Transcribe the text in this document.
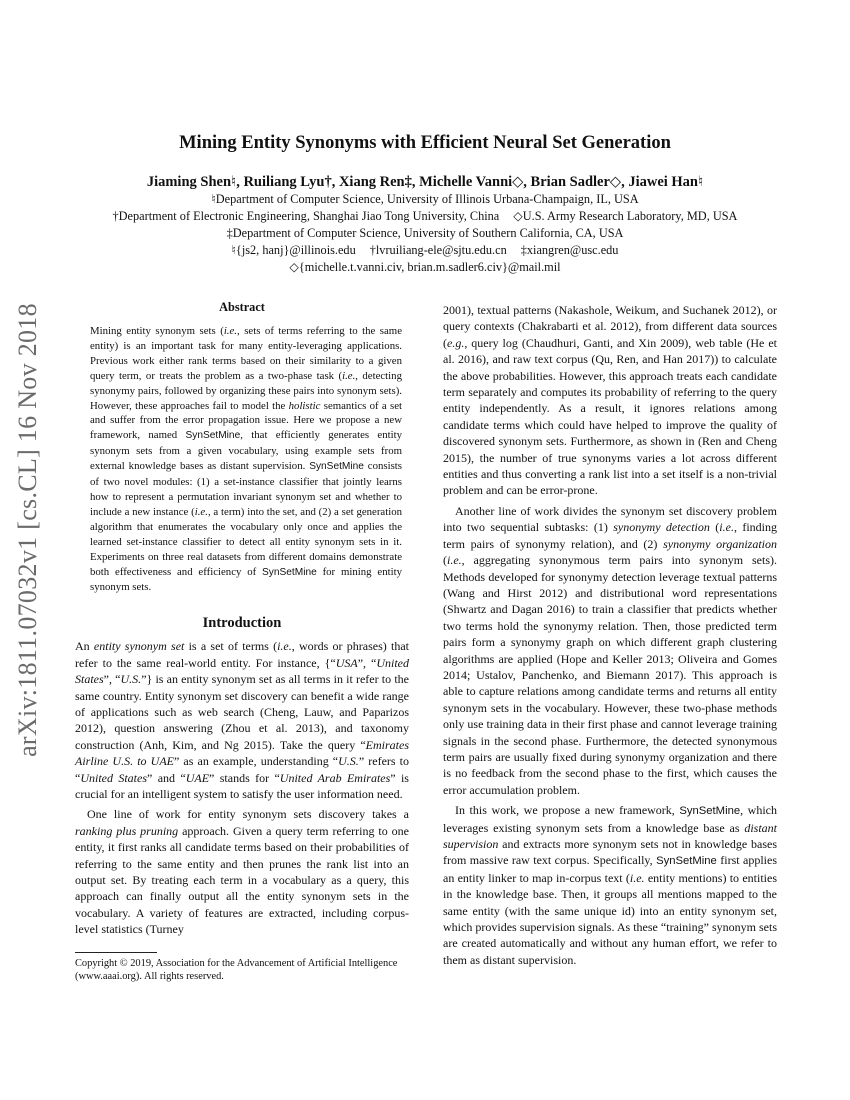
arXiv:1811.07032v1 [cs.CL] 16 Nov 2018
Mining Entity Synonyms with Efficient Neural Set Generation
Jiaming Shen♮, Ruiliang Lyu†, Xiang Ren‡, Michelle Vanni◇, Brian Sadler◇, Jiawei Han♮
♮Department of Computer Science, University of Illinois Urbana-Champaign, IL, USA
†Department of Electronic Engineering, Shanghai Jiao Tong University, China ◇U.S. Army Research Laboratory, MD, USA
‡Department of Computer Science, University of Southern California, CA, USA
♮{js2, hanj}@illinois.edu †lvruiliang-ele@sjtu.edu.cn ‡xiangren@usc.edu
◇{michelle.t.vanni.civ, brian.m.sadler6.civ}@mail.mil
Abstract

Mining entity synonym sets (i.e., sets of terms referring to the same entity) is an important task for many entity-leveraging applications. Previous work either rank terms based on their similarity to a given query term, or treats the problem as a two-phase task (i.e., detecting synonymy pairs, followed by organizing these pairs into synonym sets). However, these approaches fail to model the holistic semantics of a set and suffer from the error propagation issue. Here we propose a new framework, named SynSetMine, that efficiently generates entity synonym sets from a given vocabulary, using example sets from external knowledge bases as distant supervision. SynSetMine consists of two novel modules: (1) a set-instance classifier that jointly learns how to represent a permutation invariant synonym set and whether to include a new instance (i.e., a term) into the set, and (2) a set generation algorithm that enumerates the vocabulary only once and applies the learned set-instance classifier to detect all entity synonym sets in it. Experiments on three real datasets from different domains demonstrate both effectiveness and efficiency of SynSetMine for mining entity synonym sets.

Introduction

An entity synonym set is a set of terms (i.e., words or phrases) that refer to the same real-world entity. For instance, {“USA”, “United States”, “U.S.”} is an entity synonym set as all terms in it refer to the same country. Entity synonym set discovery can benefit a wide range of applications such as web search (Cheng, Lauw, and Paparizos 2012), question answering (Zhou et al. 2013), and taxonomy construction (Anh, Kim, and Ng 2015). Take the query “Emirates Airline U.S. to UAE” as an example, understanding “U.S.” refers to “United States” and “UAE” stands for “United Arab Emirates” is crucial for an intelligent system to satisfy the user information need.

One line of work for entity synonym sets discovery takes a ranking plus pruning approach. Given a query term referring to one entity, it first ranks all candidate terms based on their probabilities of referring to the same entity and then prunes the rank list into an output set. By treating each term in a vocabulary as a query, this approach can finally output all the entity synonym sets in the vocabulary. A variety of features are extracted, including corpus-level statistics (Turney

Copyright © 2019, Association for the Advancement of Artificial Intelligence (www.aaai.org). All rights reserved.

2001), textual patterns (Nakashole, Weikum, and Suchanek 2012), or query contexts (Chakrabarti et al. 2012), from different data sources (e.g., query log (Chaudhuri, Ganti, and Xin 2009), web table (He et al. 2016), and raw text corpus (Qu, Ren, and Han 2017)) to calculate the above probabilities. However, this approach treats each candidate term separately and computes its probability of referring to the query entity independently. As a result, it ignores relations among candidate terms which could have helped to improve the quality of discovered synonym sets. Furthermore, as shown in (Ren and Cheng 2015), the number of true synonyms varies a lot across different entities and thus converting a rank list into a set itself is a non-trivial problem and can be error-prone.

Another line of work divides the synonym set discovery problem into two sequential subtasks: (1) synonymy detection (i.e., finding term pairs of synonymy relation), and (2) synonymy organization (i.e., aggregating synonymous term pairs into synonym sets). Methods developed for synonymy detection leverage textual patterns (Wang and Hirst 2012) and distributional word representations (Shwartz and Dagan 2016) to train a classifier that predicts whether two terms hold the synonymy relation. Then, those predicted term pairs form a synonymy graph on which different graph clustering algorithms are applied (Hope and Keller 2013; Oliveira and Gomes 2014; Ustalov, Panchenko, and Biemann 2017). This approach is able to capture relations among candidate terms and returns all entity synonym sets in the vocabulary. However, these two-phase methods only use training data in their first phase and cannot leverage training signals in the second phase. Furthermore, the detected synonymous term pairs are usually fixed during synonymy organization and there is no feedback from the second phase to the first, which causes the error accumulation problem.

In this work, we propose a new framework, SynSetMine, which leverages existing synonym sets from a knowledge base as distant supervision and extracts more synonym sets not in knowledge bases from massive raw text corpus. Specifically, SynSetMine first applies an entity linker to map in-corpus text (i.e. entity mentions) to entities in the knowledge base. Then, it groups all mentions mapped to the same entity (with the same unique id) into an entity synonym set, which provides supervision signals. As these “training” synonym sets are created automatically and without any human effort, we refer to them as distant supervision.
